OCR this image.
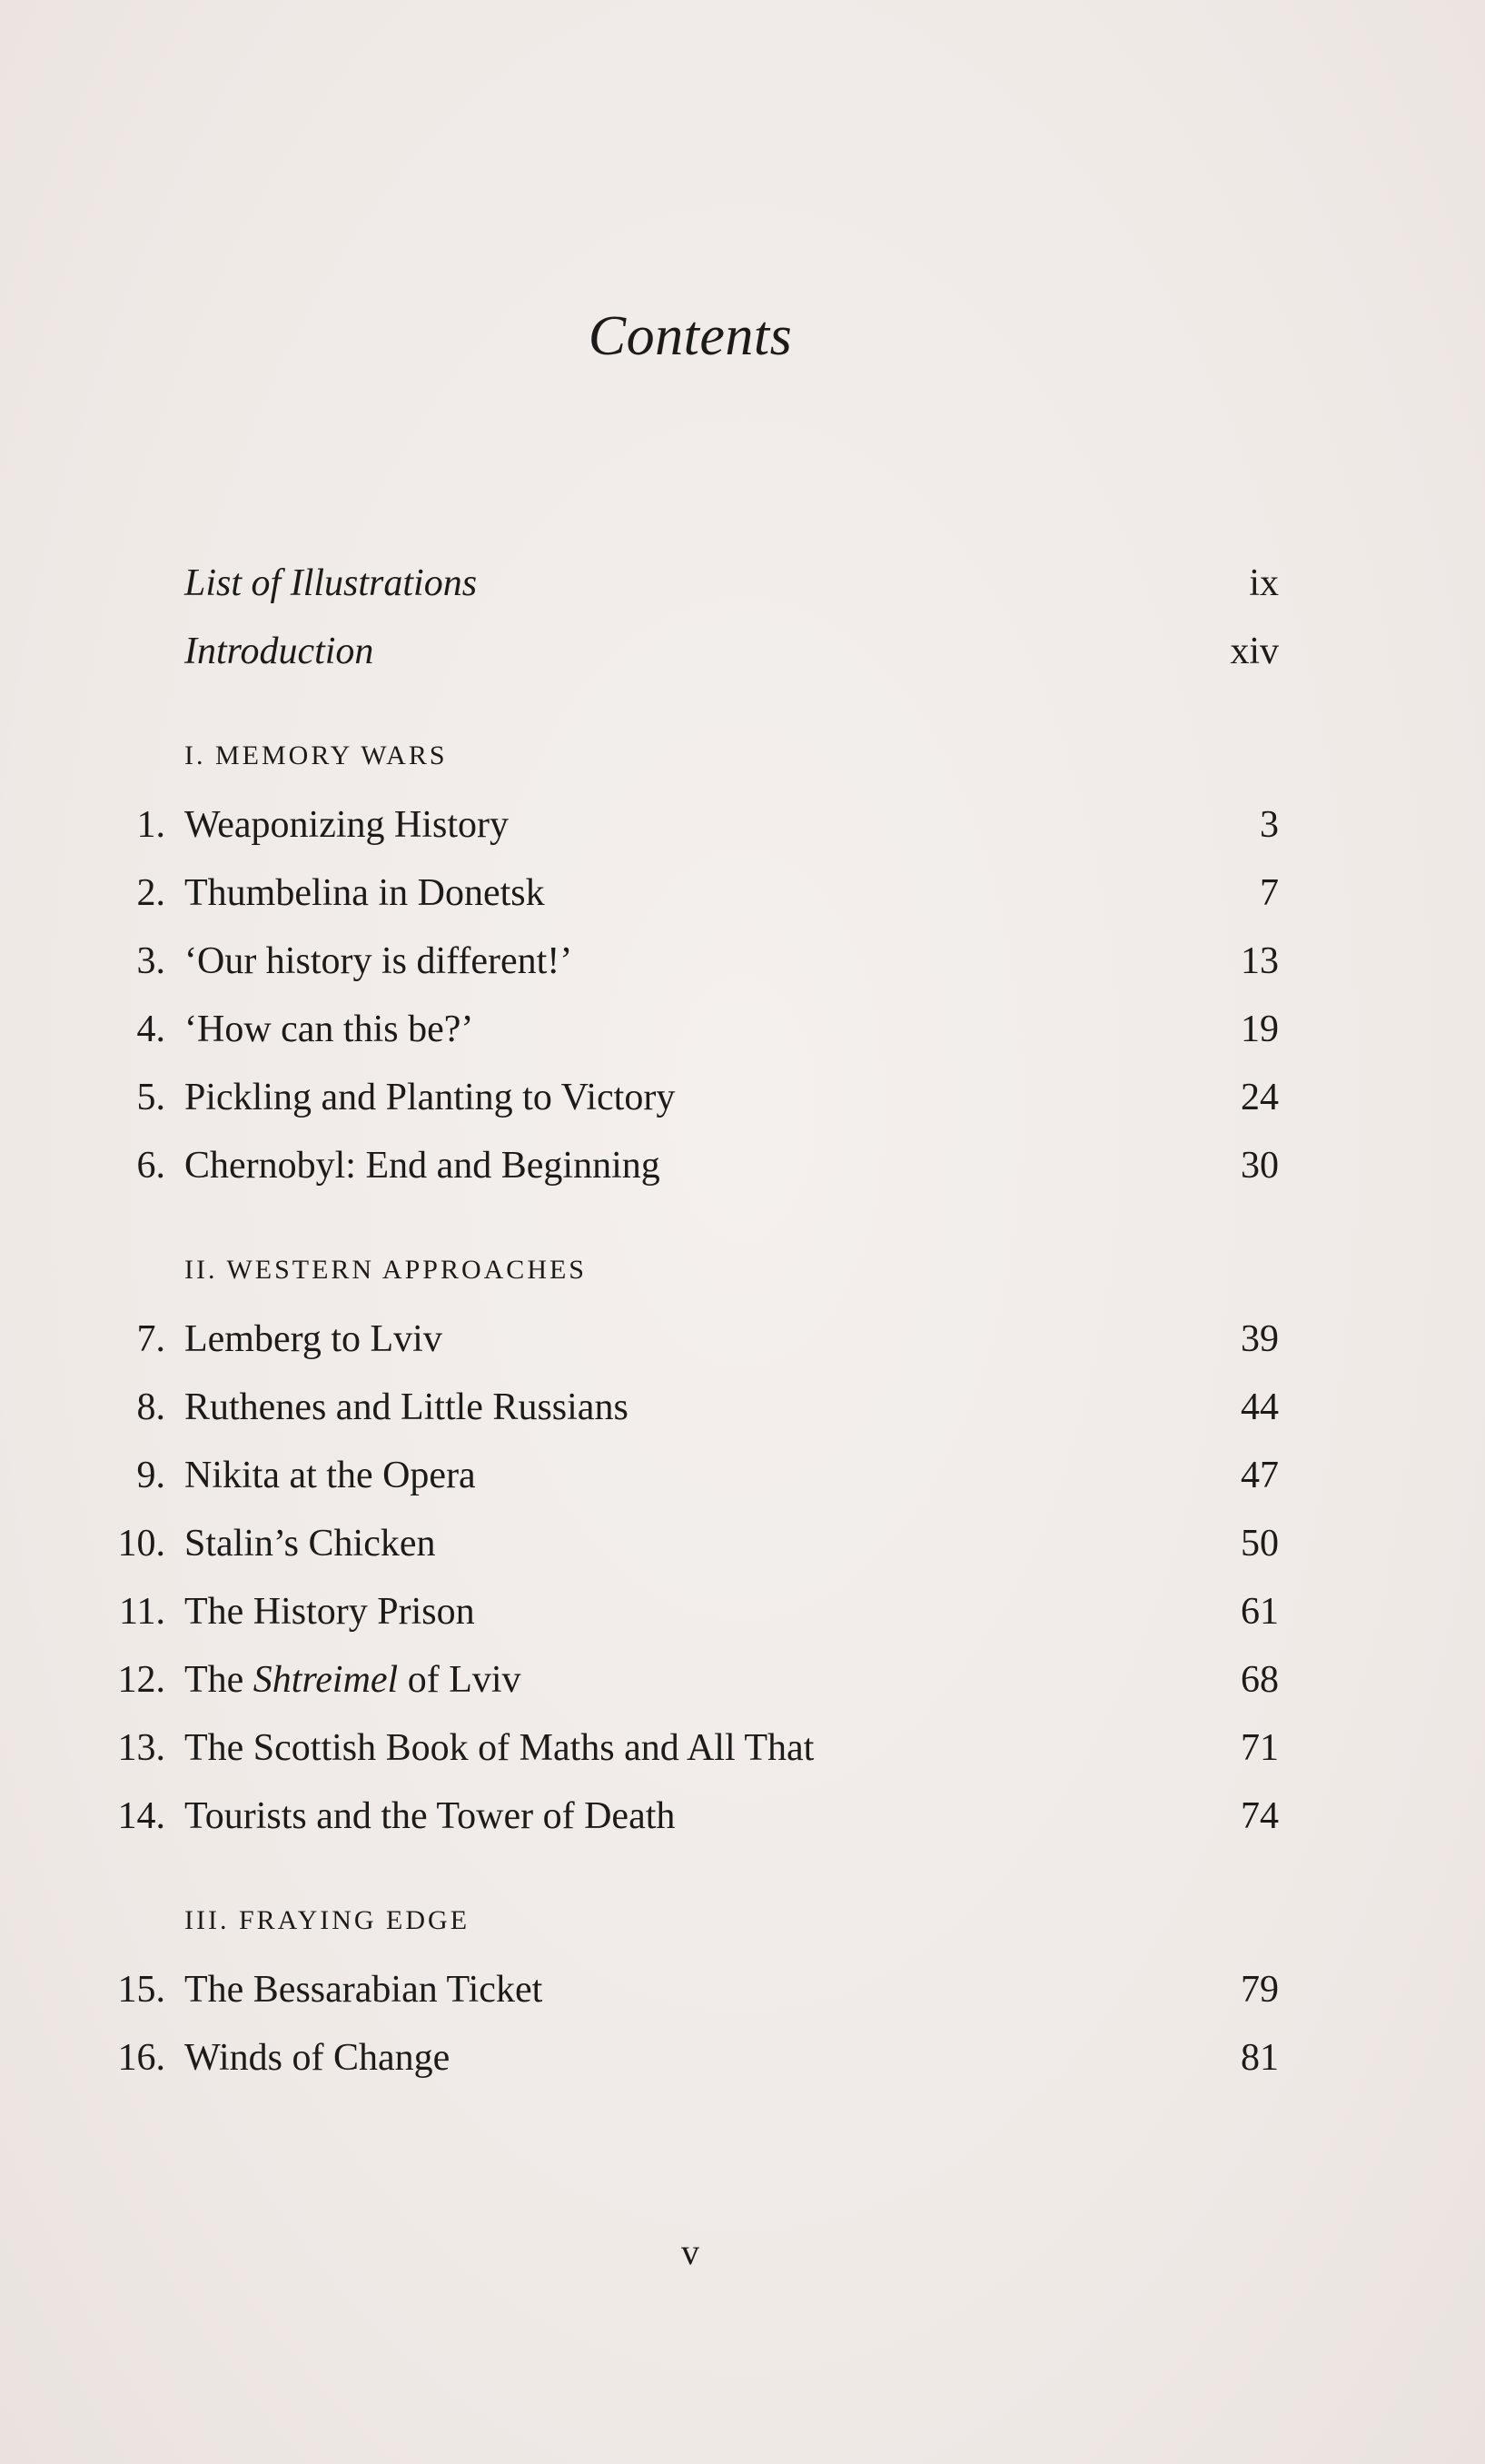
Contents
List of Illustrations	ix
Introduction	xiv
I. MEMORY WARS
1. Weaponizing History	3
2. Thumbelina in Donetsk	7
3. ‘Our history is different!’	13
4. ‘How can this be?’	19
5. Pickling and Planting to Victory	24
6. Chernobyl: End and Beginning	30
II. WESTERN APPROACHES
7. Lemberg to Lviv	39
8. Ruthenes and Little Russians	44
9. Nikita at the Opera	47
10. Stalin’s Chicken	50
11. The History Prison	61
12. The Shtreimel of Lviv	68
13. The Scottish Book of Maths and All That	71
14. Tourists and the Tower of Death	74
III. FRAYING EDGE
15. The Bessarabian Ticket	79
16. Winds of Change	81
v
